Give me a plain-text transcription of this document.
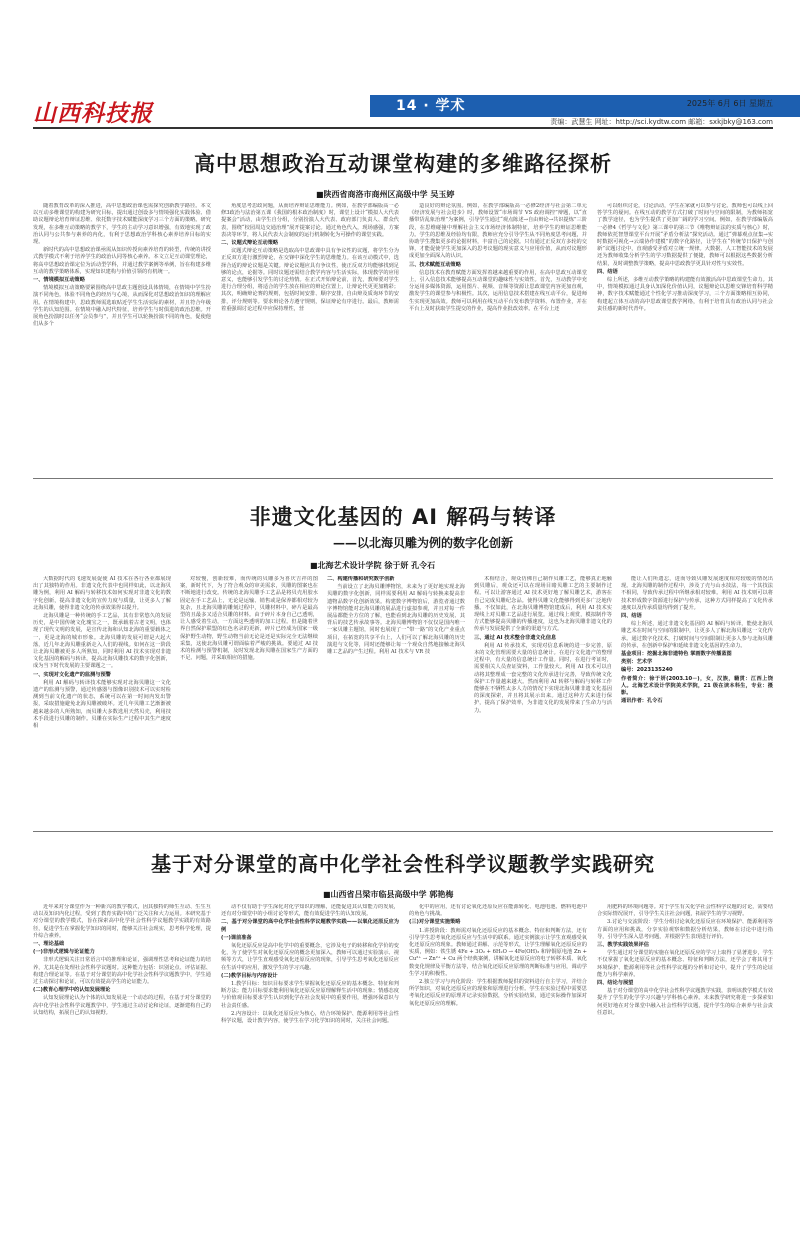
山西科技报	14 · 学术	2025年 6月 6日 星期五
责编：武慧生 网址：http://sci.kydtw.com 邮箱：sxkjbky@163.com
高中思想政治互动课堂构建的多维路径探析
■陕西省商洛市商州区高级中学 吴玉婷

随着教育改革的深入推进，高中思想政治课也需探究创新教学路径。本文以互动多维课堂的构建为研究目标，提出通过创设多与情境强化实践体验、借助议题辩论培育辩证思维、依托数字技术赋能深度学习三个方面的策略。研究发现，在多维互动策略的教学下，学生的主动学习意识增强，有效地实现了政治认同与公共参与素养的内化，有利于思想政治学科核心素养培养目标的实现。

新时代的高中思想政治课亟需从知识传授向素养培育的转型，传统的讲授式教学模式不利于培养学生的政治认同等核心素养。本文立足互动课堂理论，将高中思想政治课定位为活动型学科，并通过教学案例等举例，旨在构建多维互动的教学策略体系，实现知识建构与价值引领的有机统一。

一、情境模拟互动策略

情境模拟互动策略要紧围绕高中思政主题创设具体情境，在情境中学生扮演不同角色，体验不同角色的经历与心境，从而深化对思想政治知识的理解应用。在情境构建中，思政教师需选取贴近学生生活实际的素材，并且符合年级学生的认知范围。在情境中融入时代特征，培养学生与时俱进的政治思维。开展角色扮演时以任务“会员参与”，并且学生可以轮换扮演不同的角色，促使他们从多个

角度思考思政问题，从而培养辩证思维能力。例如，在教学部编版高一必修3政治与法治第五课《我国的根本政治制度》时，课堂上设计“模拟人大代表提案会”活动，由学生自分组，分别扮演人大代表、政府部门负责人、群众代表，围绕“校园周边交通治理”展开提案讨论。通过角色代入，现场感强，方案表决等环节，将人民代表大会制度的运行机制转化为可操作的课堂实践。

二、议题式辩论互动策略

议题式辩论互动策略是选取高中思政课中具有争议性的议题，将学生分为正反双方进行激烈辩论，在交锋中深化学生的思维能力。在该互动模式中，选择合适的辩论议题是关键。辩论议题应具有争议性，使正反双方均能够找到足够的论点，论据等。同时议题还需结合教学内容与生活实际，体现教学的应用意义，也能够引发学生的讨论热情。在正式开始辩论前，首先，教师要对学生进行合理分组，将适合的学生放在相应的辩论位置上，让辩论代更更加精彩；其次，明确辩论赛的规则，包括时间安排、顺序安排，自由辩及质询环节的安排，评分规则等。要求辩论各方遵守规则，保证辩论有序进行。最后，教师需着重强调讨论过程中应保持理性，营

造良好的辩论氛围。例如，在教学部编版高一必修2经济与社会第二单元《经济发展与社会进步》时，教师设置“市场调节 VS 政府调控”辩题，以“直播带货乱象治理”为案例，引导学生通过“观点陈述→自由辩论→共识提炼”三阶段，在思维碰撞中理解社会主义市场经济体制特征，培养学生的辩证思维能力。学生的思维及经验均有限，教师应充分引导学生从不同角度思考问题，并协助学生搜集更多的论据材料，丰富自己的论据。只有通过正反双方多轮的交锋，才能促使学生更加深入的思考议题的现实意义与应用价值，从而对议题形成更加全面深入的认识。

三、技术赋能互动策略

信息技术在教育赋能方面发挥着越来越重要的作用，在高中思政互动课堂上，引入信息技术能够提高互动课堂的趣味性与实效性。首先，互动教学中充分运用多媒体资源，运用图片、视频、音频等资源让思政课堂内容更加直观，激发学生的课堂参与积极性。其次，运用信息技术搭建在线互动平台，促进师生实现更加高效。教师可以利用在线互动平台发布教学资料、布置作业，并在平台上及时获取学生提交的作业，提高作业批改效率。在平台上还

可以组织讨论，讨论活动，学生在家就可以参与讨论。教师也可以线上回答学生的疑问。在线互动的教学方式打破了时间与空间的限制，为教师拓宽了教学途径，也为学生提供了更加广阔的学习空间。例如，在教学部编版高一必修4《哲学与文化》第三课中的第三节《唯物辩证法的实质与核心》时，教师依托智慧课堂平台开展“矛盾分析法”探究活动。通过“弹幕观点征集→实时数据可视化→云端协作建模”的数字化路径，让学生在“传统节日保护与创新”议题讨论中，直观感受矛盾对立统一规律。大数据、人工智能技术的发展还为教师收集分析学生的学习数据提供了便捷，教师可以根据这些数据分析结果，及时调整教学策略，提高中思政教学更具针对性与实效性。

四、结语

综上所述，多维互动教学策略的构建能有效激活高中思政课堂生命力。其中，情境模拟通过具身认知深化价值认同，议题辩论以思维交锋培育科学精神，数字技术赋能通过个性化学习推动深度学习，三个方面策略相互协同，构建起立体互动的高中思政课堂教学网络，有利于培育具有政治认同与社会责任感的新时代青年。

非遗文化基因的 AI 解码与转译
——以北海贝雕为例的数字化创新
■北海艺术设计学院 徐于妍 孔令石

大数据时代的飞速发展促使 AI 技术在各行各业都展现出了其独特的作用。非遗文化代表中也同样如此，以北海贝雕为例，利用 AI 解码与转移技术如何实现对非遗文化的数字化创新，提高非遗文化的宣传力度与质量，让更多人了解北海贝雕，使得非遗文化的传承效果得以提升。

北海贝雕是一种传统的手工艺品，其有非常悠久的发展历史，是中国传统文化瑰宝之一，既承载着古老文明，也体现了现代文明的发展，是宣传北海和认知北海的重要载体之一，更是北海的城市形象。北海贝雕的发展可谓是大起大落，近几年北海贝雕重新走入人们的视线。如何在这一阶段让北海贝雕被更多人所熟知，同时利用 AI 技术实现对非遗文化基因的解码与转译，提高北海贝雕技术的数字化创新，成为当下时代发展的主要课题之一。

一、实现对文化遗产的监测与预警

利用 AI 解码与转译技术能够实现对北海贝雕这一文化遗产的监测与预警，通过传感器与图像识别技术可以实时检测到当前文化遗产的状态，系统可以在第一时间内发出警报，采取措施避免北海贝雕被破坏。近几年贝雕工艺渐渐被越来越多的人所熟知，而贝雕大多数选用天然贝壳，利用技术手段进行贝雕的制作。贝雕在实际生产过程中其生产速度相

对较慢，创新较难，而传统的贝雕多为喜庆吉祥的图案，新时代下，为了符合观众的审美需求，贝雕的图案也在不断地进行改变。传统的北海贝雕手工艺品是将贝壳用胶水固定在手工艺品上，无论是运输、销售或是保养都相对较为复杂，且北海贝雕的雕刻过程中，贝雕材料中，碎片是最高型的且最多又适合贝雕的材料。由于碎片本身自己已透明，让人感受着生动，一方面这些透明的加工过程。但是随着世界自然保护联盟的红色名录的更新，碎片已经成为国家一级保护野生动物，野生动物当前无论是还是实际完全无法继续采集，这使北海贝雕可谓面临着严峻的挑战。要通过 AI 技术的检测与预警机制，及时发现北海贝雕在国家生产方面的不足、问题，并采取相应的措施。

二、构建传播和研究数字创新

当前设立了北海贝雕博物馆，未来为了更好地实现北海贝雕的数字化创新，同样需要利用 AI 解码与转换来提高非遗物品数字化创新效果。构建数字博物馆后，游览者通过数字博物馆能对北海贝雕的展品进行虚拟参观，并且对每一件展品都能全方位的了解，也能看到北海贝雕的历史发展、其背后的技艺传承故事等。北海贝雕博物馆不仅仅是国内唯一一家贝雕主题馆，同时也展现了一“带一路”的文化产业重点项目，在拓宽的共享平台上，人们可以了解北海贝雕的历史演进与文化等，同时还能够让每一个观众自然地接触北海贝雕工艺品的产生过程。利用 AI 技术与 VR 技

术相结合，观众仿佛自己制作贝雕工艺，能够真正地触到贝雕后，观众还可以在现场目睹贝雕工艺的主要制作过程。可以让游客通过 AI 技术更好地了解贝雕艺术，游客在自己完成贝雕纪念品。使得贝雕文化能够得到更多广泛地传播。不仅如此，在北海贝雕博物馆建成后，利用 AI 技术实现线上对贝雕工艺品进行展览。通过线上观赏，模拟制作等方式能够提高贝雕的传播速度，这也为北海贝雕非遗文化的传承与发展提供了全新的渠道与方式。

三、通过 AI 技术整合非遗文化信息

利用 AI 传承技术，实现对信息系统的进一步完善，原本的文化管理需要大量的信息统计。在进行文化遗产的整理过程中，有大量的信息统计工作量。同时，在进行考证时，需要相关人员查证资料，工作量较大。利用 AI 技术可以自动将其整理成一套完整的文化传承进行完善，导致传统文化保护工作量越来越大。然而利用 AI 转移与解码与转移工作能够在不牺牲太多人力的情况下实现北海贝雕非遗文化基因的深度探索，并且将其展示出来。通过这种方式来进行保护，提高了保护效率，为非遗文化的发展带来了生命力与活力。

能让人们所遗忘，进而导致贝雕发展速度相对较缓的情况出现。北海贝雕的制作过程中，涉及了壳与山水技法，每一个其技法不相同，导致传承过程中所继承相对较难。利用 AI 技术则可以将技术形成数字资源进行保护与传承，这种方式同样提高了文化传承速度以及传承质量均得到了提升。

四、结语

综上所述，通过非遗文化基因的 AI 解码与转译，能使北海贝雕艺术在时间与空间的限制中，让更多人了解北海贝雕这一文化传承。通过数字化技术，打破时间与空间限制让更多人参与北海贝雕的传承，在创新中保护和延续非遗文化基因的生命力。

基金项目：挖掘北海非遗特色 掌画数字传播蓝图

类别：艺术学

编号：2023135240

作者简介：徐于妍(2003.10－)，女，汉族，籍贯：江西上饶人。北海艺术设计学院美术学院，21 级在读本科生，专业：摄影。

通讯作者：孔令石

基于对分课堂的高中化学社会性科学议题教学实践研究
■山西省吕梁市临县高级中学 郭艳梅

近年来对分课堂作为一种新兴的教学模式，因其独特的师生互动、生生互动以及知识内化过程，受到了教育实践中的广泛关注和大力运用。本研究基于对分课堂的教学模式，旨在探索高中化学社会性科学议题教学实践的有效路径，促进学生在掌握化学知识的同时，能够关注社会现实，思考科学伦理，提升综合素养。

一、理论基础

(一)非形式逻辑与论证能力

非形式逻辑关注日常语言中的推理和论证，强调理性思考和论证能力的培养，尤其是在处理社会性科学议题时。这种能力包括：识别论点、评估证据、构建合理论证等。在基于对分课堂的高中化学社会性科学议题教学中，学生通过主动探讨和论证，可以有效提高学生的论证能力。

(二)教育心理学中的认知发展理论

认知发展理论认为个体的认知发展是一个动态的过程，在基于对分课堂的高中化学社会性科学议题教学中，学生通过主动讨论和论证，逐渐建构自己的认知结构，拓展自己的认知视野。

动不仅有助于学生深化对化学知识的理解，还能促进其认知能力的发展，还有对分课堂中的小组讨论等形式，能有效促进学生的认知发展。

二、基于对分课堂的高中化学社会性科学议题教学实践——以氧化还原反应为例

(一)课前准备

氧化还原反应是高中化学中的重要概念，它涉及电子的转移和化学价的变化，为了使学生对氧化还原反应的概念更加深入，教师可以通过实验演示、视频等方式，让学生直观感受氧化还原反应的现象，引导学生思考氧化还原反应在生活中的应用，激发学生的学习兴趣。

(二)教学目标与内容设计

1.教学目标：知识目标要求学生掌握氧化还原反应的基本概念、特征和判断方法；能力目标要求能利用氧化还原反应原理解释生活中的现象；情感态度与价值观目标要求学生认识到化学在社会发展中的重要作用，增强环保意识与社会责任感。

2.内容设计：以氧化还原反应为核心，结合环境保护、能源利用等社会性科学议题，设计教学内容，使学生在学习化学知识的同时，关注社会问题。

化中的应用，还有讨论氧化还原反应在能源转化、电池电池、燃料电池中的角色与挑战。

(三)对分课堂实施策略

1.讲授阶段：教师需对氧化还原反应的基本概念、特征和判断方法，还有引导学生思考氧化还原反应与生活中的联系。通过实例演示让学生直观感受氧化还原反应的现象。教师通过讲解、示范等形式，让学生理解氧化还原反应的实质，例如：铁生锈 4Fe + 3O₂ + 6H₂O → 4Fe(OH)₃ 和锌铜原电池 Zn + Cu²⁺ → Zn²⁺ + Cu 两个经典案例，讲解氧化还原反应的电子转移本质、氧化数变化规律及平衡方法等，结合氧化还原反应原理的判断标准与应用，调动学生学习的积极性。

2.独立学习与内化阶段：学生根据教师提供的资料进行自主学习，并结合所学知识，对氧化还原反应的现象和原理进行分析。学生在实验过程中需要思考氧化还原反应的原理并记录实验数据，分析实验结果，通过实际操作加深对氧化还原反应的理解。

用肥料的环境问题等。对于学生有关化学社会性科学议题的讨论，需要结合实际情况展开，引导学生关注社会问题，拓展学生的学习视野。

3.讨论与交流阶段：学生分组讨论氧化还原反应在环境保护、能源利用等方面的应用和挑战，分享实验观察和数据分析结果，教师在讨论中进行指导，引导学生深入思考问题，并根据学生表现进行评价。

三、教学实践效果评估

学生通过对分课堂的实施在氧化还原反应的学习上取得了显著进步，学生不仅掌握了氧化还原反应的基本概念、特征和判断方法，还学会了将其用于环境保护、能源利用等社会性科学议题的分析和讨论中，提升了学生的论证能力与科学素养。

四、结论与展望

基于对分课堂的高中化学社会性科学议题教学实践，表明该教学模式有效提升了学生的化学学习兴趣与学科核心素养。未来教学研究将进一步探索如何更好地在对分课堂中融入社会性科学议题，提升学生的综合素养与社会责任意识。
